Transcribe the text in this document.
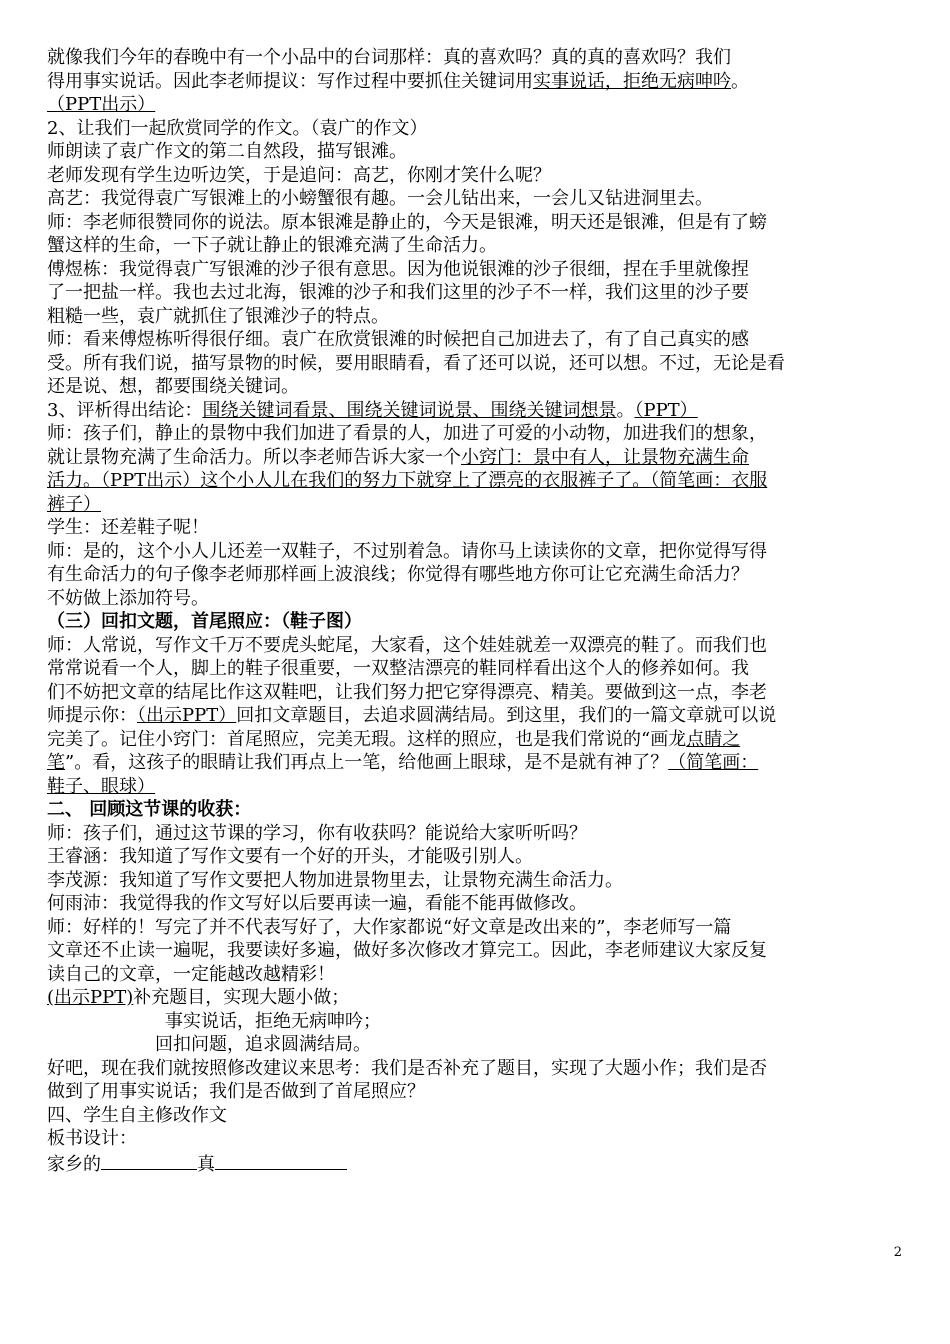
就像我们今年的春晚中有一个小品中的台词那样：真的喜欢吗？真的真的喜欢吗？我们
得用事实说话。因此李老师提议：写作过程中要抓住关键词用实事说话，拒绝无病呻吟。
（PPT出示）
2、让我们一起欣赏同学的作文。（袁广的作文）
师朗读了袁广作文的第二自然段，描写银滩。
老师发现有学生边听边笑，于是追问：高艺，你刚才笑什么呢？
高艺：我觉得袁广写银滩上的小螃蟹很有趣。一会儿钻出来，一会儿又钻进洞里去。
师：李老师很赞同你的说法。原本银滩是静止的，今天是银滩，明天还是银滩，但是有了螃
蟹这样的生命，一下子就让静止的银滩充满了生命活力。
傅煜栋：我觉得袁广写银滩的沙子很有意思。因为他说银滩的沙子很细，捏在手里就像捏
了一把盐一样。我也去过北海，银滩的沙子和我们这里的沙子不一样，我们这里的沙子要
粗糙一些，袁广就抓住了银滩沙子的特点。
师：看来傅煜栋听得很仔细。袁广在欣赏银滩的时候把自己加进去了，有了自己真实的感
受。所有我们说，描写景物的时候，要用眼睛看，看了还可以说，还可以想。不过，无论是看
还是说、想，都要围绕关键词。
3、评析得出结论：围绕关键词看景、围绕关键词说景、围绕关键词想景。（PPT）
师：孩子们，静止的景物中我们加进了看景的人，加进了可爱的小动物，加进我们的想象，
就让景物充满了生命活力。所以李老师告诉大家一个小窍门：景中有人，让景物充满生命
活力。（PPT出示）这个小人儿在我们的努力下就穿上了漂亮的衣服裤子了。（简笔画：衣服
裤子）
学生：还差鞋子呢！
师：是的，这个小人儿还差一双鞋子，不过别着急。请你马上读读你的文章，把你觉得写得
有生命活力的句子像李老师那样画上波浪线；你觉得有哪些地方你可让它充满生命活力？
不妨做上添加符号。
（三）回扣文题，首尾照应：（鞋子图）
师：人常说，写作文千万不要虎头蛇尾，大家看，这个娃娃就差一双漂亮的鞋了。而我们也
常常说看一个人，脚上的鞋子很重要，一双整洁漂亮的鞋同样看出这个人的修养如何。我
们不妨把文章的结尾比作这双鞋吧，让我们努力把它穿得漂亮、精美。要做到这一点，李老
师提示你：（出示PPT）回扣文章题目，去追求圆满结局。到这里，我们的一篇文章就可以说
完美了。记住小窍门：首尾照应，完美无瑕。这样的照应，也是我们常说的“画龙点睛之
笔”。看，这孩子的眼睛让我们再点上一笔，给他画上眼球，是不是就有神了？（简笔画：
鞋子、眼球）
二、 回顾这节课的收获：
师：孩子们，通过这节课的学习，你有收获吗？能说给大家听听吗？
王睿涵：我知道了写作文要有一个好的开头，才能吸引别人。
李茂源：我知道了写作文要把人物加进景物里去，让景物充满生命活力。
何雨沛：我觉得我的作文写好以后要再读一遍，看能不能再做修改。
师：好样的！写完了并不代表写好了，大作家都说“好文章是改出来的”，李老师写一篇
文章还不止读一遍呢，我要读好多遍，做好多次修改才算完工。因此，李老师建议大家反复
读自己的文章，一定能越改越精彩！
(出示PPT)补充题目，实现大题小做；
事实说话，拒绝无病呻吟；
回扣问题，追求圆满结局。
好吧，现在我们就按照修改建议来思考：我们是否补充了题目，实现了大题小作；我们是否
做到了用事实说话；我们是否做到了首尾照应？
四、学生自主修改作文
板书设计：
家乡的	真
2
